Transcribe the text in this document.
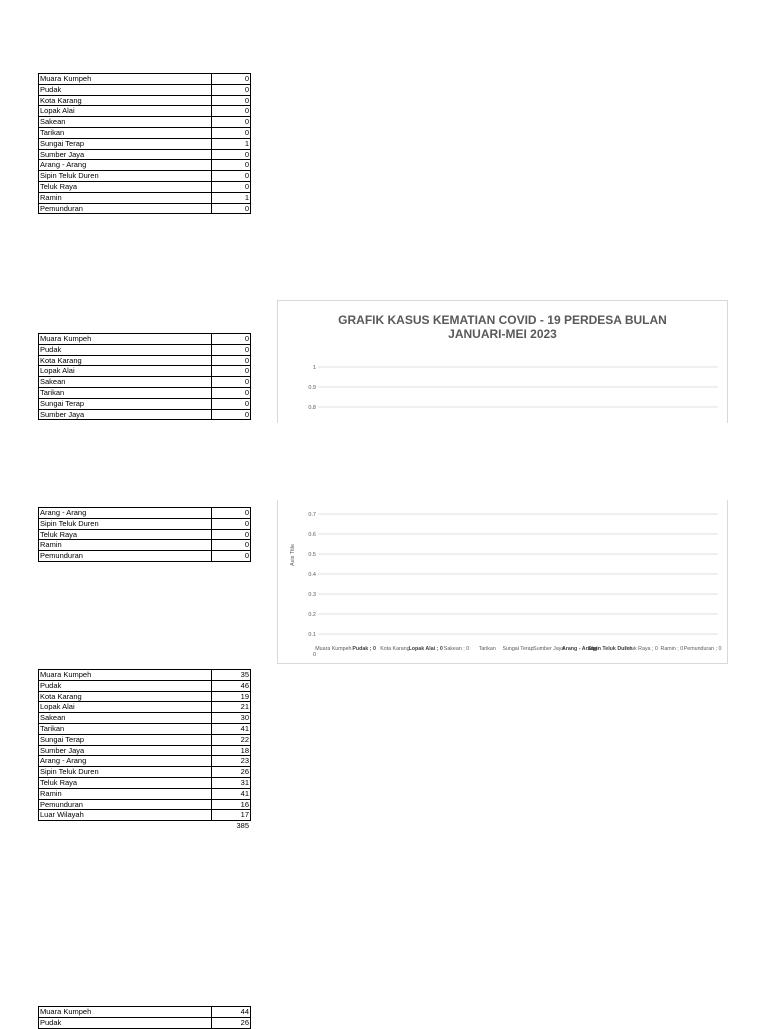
Muara Kumpeh	0
Pudak	0
Kota Karang	0
Lopak Alai	0
Sakean	0
Tarikan	0
Sungai Terap	1
Sumber Jaya	0
Arang - Arang	0
Sipin Teluk Duren	0
Teluk Raya	0
Ramin	1
Pemunduran	0
Muara Kumpeh	0
Pudak	0
Kota Karang	0
Lopak Alai	0
Sakean	0
Tarikan	0
Sungai Terap	0
Sumber Jaya	0
Arang - Arang	0
Sipin Teluk Duren	0
Teluk Raya	0
Ramin	0
Pemunduran	0
Muara Kumpeh	35
Pudak	46
Kota Karang	19
Lopak Alai	21
Sakean	30
Tarikan	41
Sungai Terap	22
Sumber Jaya	18
Arang - Arang	23
Sipin Teluk Duren	26
Teluk Raya	31
Ramin	41
Pemunduran	16
Luar Wilayah	17
385
Muara Kumpeh	44
Pudak	26
GRAFIK KASUS KEMATIAN COVID - 19 PERDESA BULAN JANUARI-MEI 2023
1
0.9
0.8
0.7
0.6
0.5
0.4
0.3
0.2
0.1
0
Axis Title
Muara Kumpeh Pudak ; 0 Kota Karang
Lopak Alai ; 0 Sakean ; 0 Tarikan Sungai Terap Sumber Jaya
Arang - Arang
Sipin Teluk Duren
Teluk Raya ; 0 Ramin ; 0 Pemunduran ; 0
